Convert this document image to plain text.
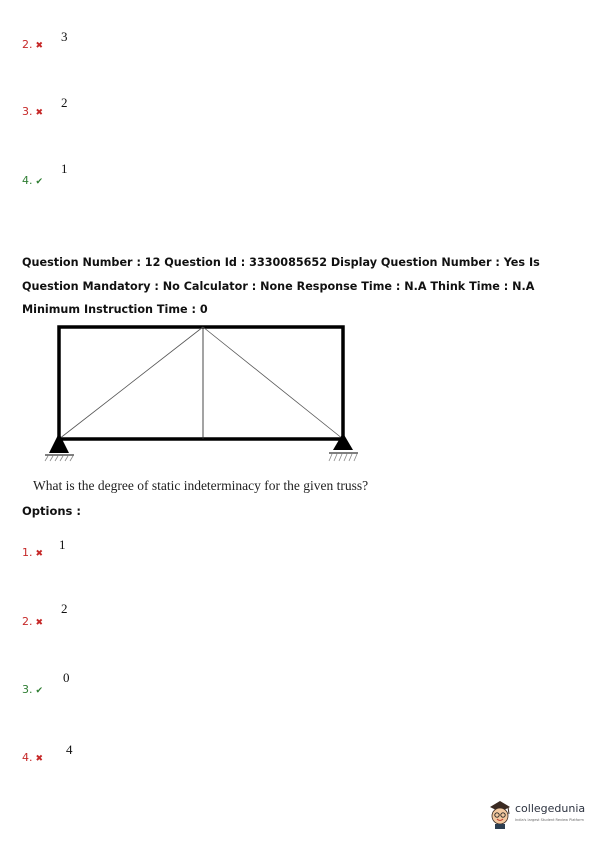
2. ✖
3
3. ✖
2
4. ✔
1
Question Number : 12 Question Id : 3330085652 Display Question Number : Yes Is Question Mandatory : No Calculator : None Response Time : N.A Think Time : N.A Minimum Instruction Time : 0
What is the degree of static indeterminacy for the given truss?
Options :
1. ✖
1
2. ✖
2
3. ✔
0
4. ✖
4
collegedunia
India's largest Student Review Platform
